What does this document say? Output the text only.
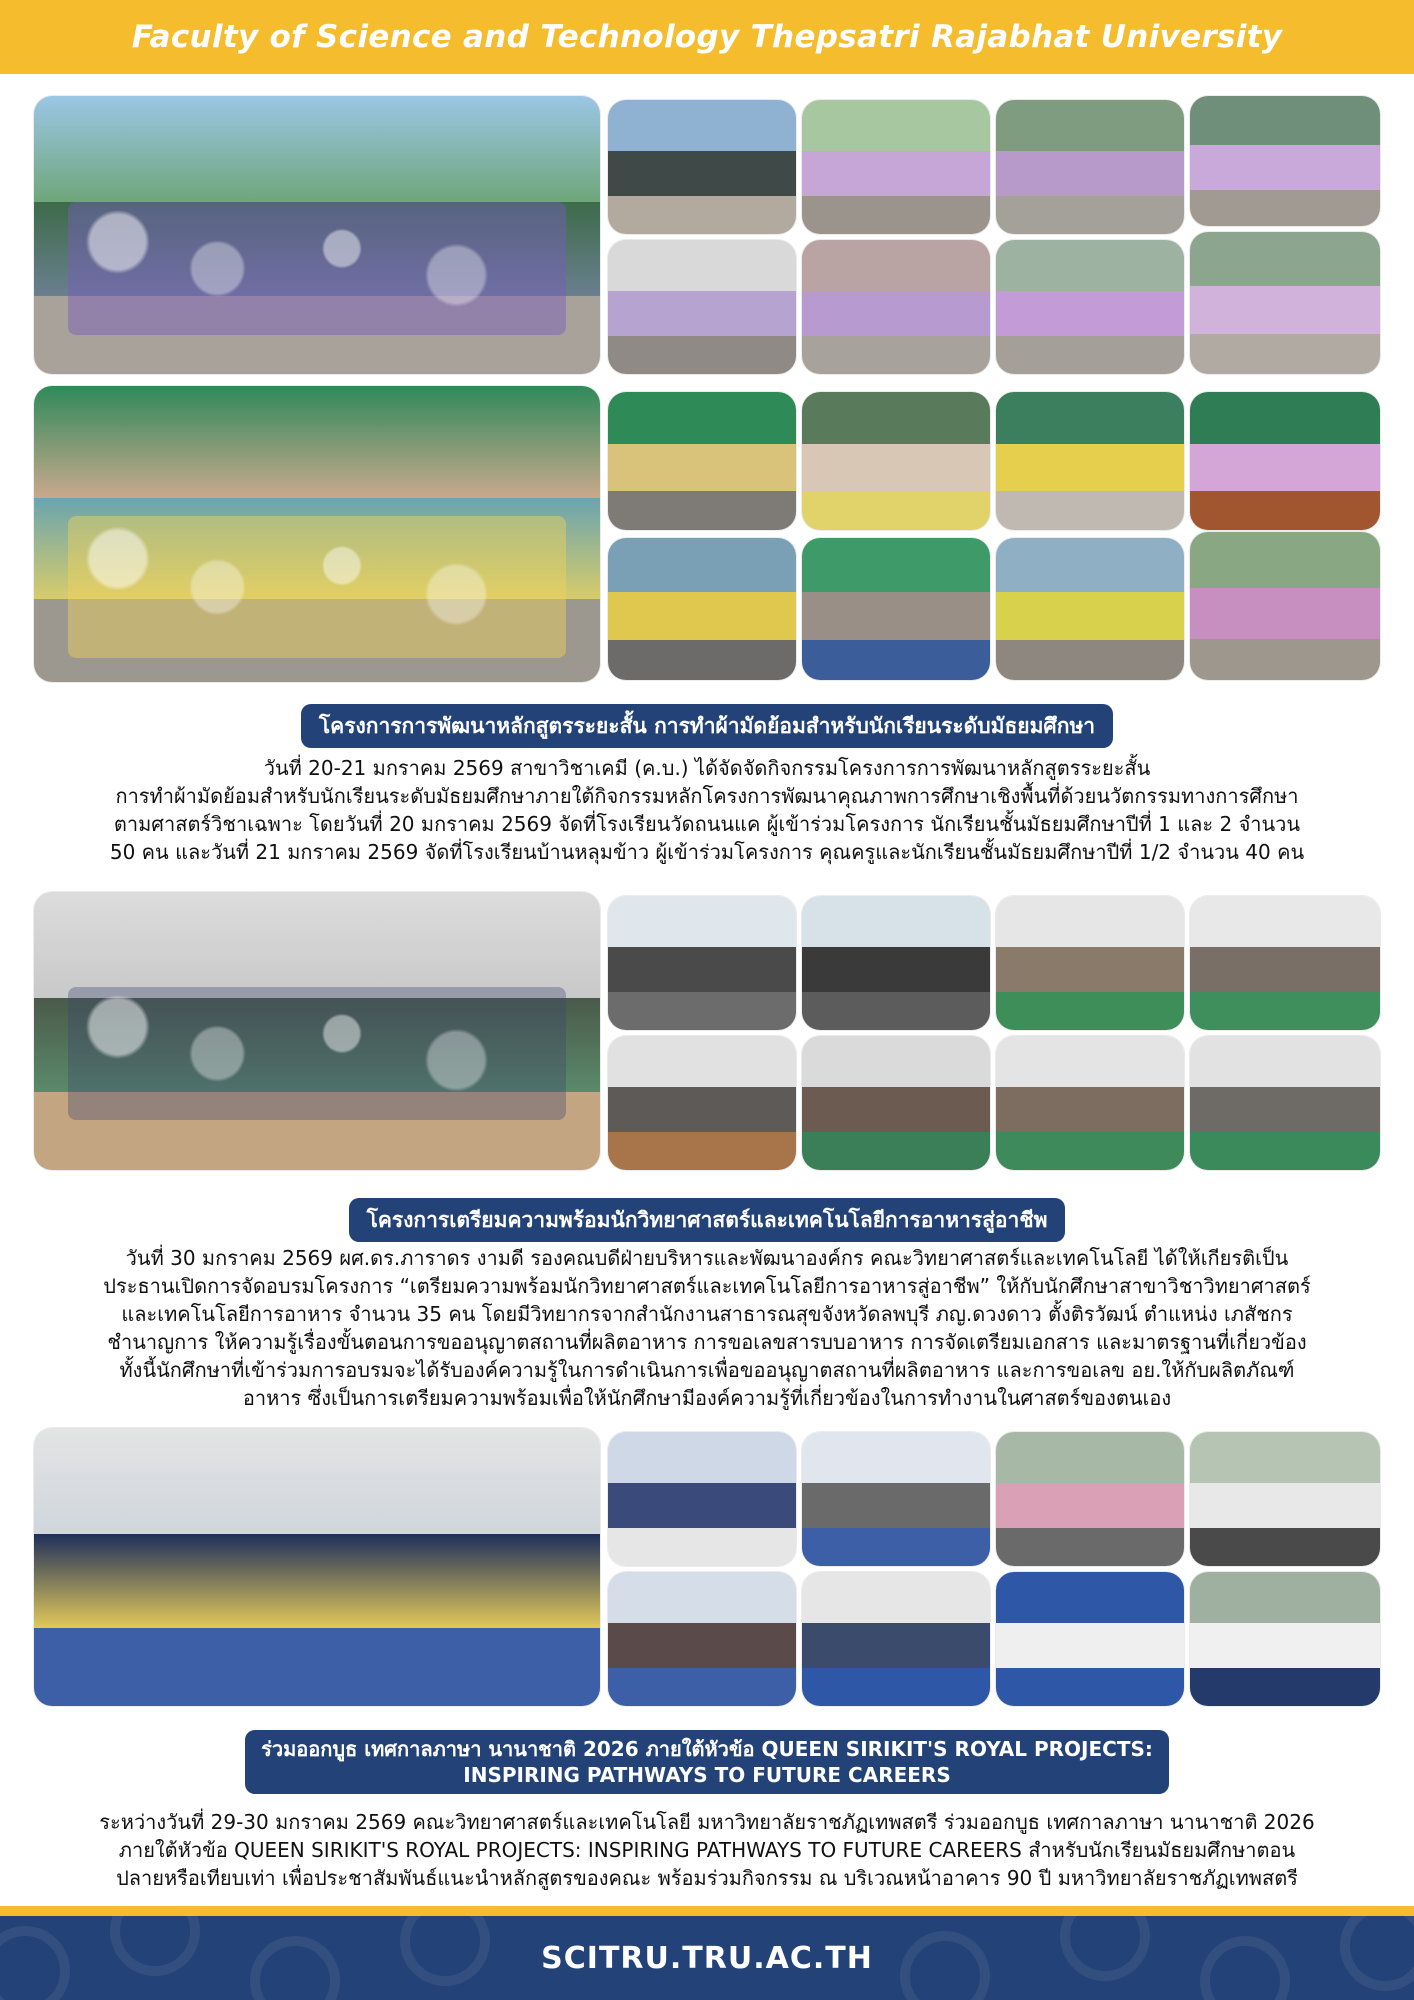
Faculty of Science and Technology Thepsatri Rajabhat University
โครงการการพัฒนาหลักสูตรระยะสั้น การทำผ้ามัดย้อมสำหรับนักเรียนระดับมัธยมศึกษา
วันที่ 20-21 มกราคม 2569 สาขาวิชาเคมี (ค.บ.) ได้จัดจัดกิจกรรมโครงการการพัฒนาหลักสูตรระยะสั้น
การทำผ้ามัดย้อมสำหรับนักเรียนระดับมัธยมศึกษาภายใต้กิจกรรมหลักโครงการพัฒนาคุณภาพการศึกษาเชิงพื้นที่ด้วยนวัตกรรมทางการศึกษา
ตามศาสตร์วิชาเฉพาะ โดยวันที่ 20 มกราคม 2569 จัดที่โรงเรียนวัดถนนแค ผู้เข้าร่วมโครงการ นักเรียนชั้นมัธยมศึกษาปีที่ 1 และ 2 จำนวน
50 คน และวันที่ 21 มกราคม 2569 จัดที่โรงเรียนบ้านหลุมข้าว ผู้เข้าร่วมโครงการ คุณครูและนักเรียนชั้นมัธยมศึกษาปีที่ 1/2 จำนวน 40 คน
โครงการเตรียมความพร้อมนักวิทยาศาสตร์และเทคโนโลยีการอาหารสู่อาชีพ
วันที่ 30 มกราคม 2569 ผศ.ดร.ภาราดร งามดี รองคณบดีฝ่ายบริหารและพัฒนาองค์กร คณะวิทยาศาสตร์และเทคโนโลยี ได้ให้เกียรติเป็น
ประธานเปิดการจัดอบรมโครงการ “เตรียมความพร้อมนักวิทยาศาสตร์และเทคโนโลยีการอาหารสู่อาชีพ” ให้กับนักศึกษาสาขาวิชาวิทยาศาสตร์
และเทคโนโลยีการอาหาร จำนวน 35 คน โดยมีวิทยากรจากสำนักงานสาธารณสุขจังหวัดลพบุรี ภญ.ดวงดาว ตั้งติรวัฒน์ ตำแหน่ง เภสัชกร
ชำนาญการ ให้ความรู้เรื่องขั้นตอนการขออนุญาตสถานที่ผลิตอาหาร การขอเลขสารบบอาหาร การจัดเตรียมเอกสาร และมาตรฐานที่เกี่ยวข้อง
ทั้งนี้นักศึกษาที่เข้าร่วมการอบรมจะได้รับองค์ความรู้ในการดำเนินการเพื่อขออนุญาตสถานที่ผลิตอาหาร และการขอเลข อย.ให้กับผลิตภัณฑ์
อาหาร ซึ่งเป็นการเตรียมความพร้อมเพื่อให้นักศึกษามีองค์ความรู้ที่เกี่ยวข้องในการทำงานในศาสตร์ของตนเอง
ร่วมออกบูธ เทศกาลภาษา นานาชาติ 2026 ภายใต้หัวข้อ QUEEN SIRIKIT'S ROYAL PROJECTS:
INSPIRING PATHWAYS TO FUTURE CAREERS
ระหว่างวันที่ 29-30 มกราคม 2569 คณะวิทยาศาสตร์และเทคโนโลยี มหาวิทยาลัยราชภัฏเทพสตรี ร่วมออกบูธ เทศกาลภาษา นานาชาติ 2026
ภายใต้หัวข้อ QUEEN SIRIKIT'S ROYAL PROJECTS: INSPIRING PATHWAYS TO FUTURE CAREERS สำหรับนักเรียนมัธยมศึกษาตอน
ปลายหรือเทียบเท่า เพื่อประชาสัมพันธ์แนะนำหลักสูตรของคณะ พร้อมร่วมกิจกรรม ณ บริเวณหน้าอาคาร 90 ปี มหาวิทยาลัยราชภัฏเทพสตรี
SCITRU.TRU.AC.TH
